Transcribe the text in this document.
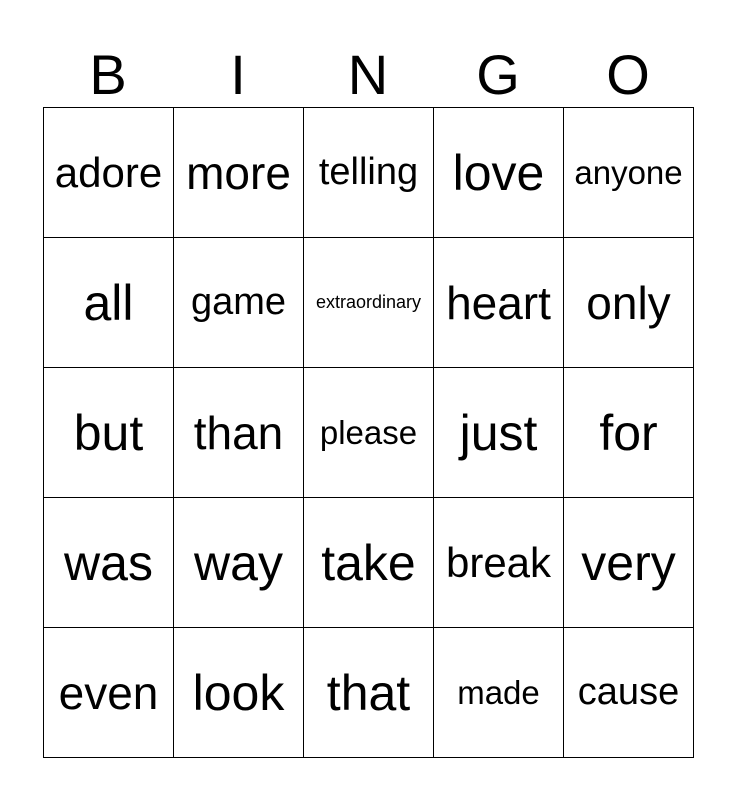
B	I	N	G	O
adore more telling love anyone
all	game	extraordinary heart only
but	than	please just	for
was way take break very
even look that	made	cause
